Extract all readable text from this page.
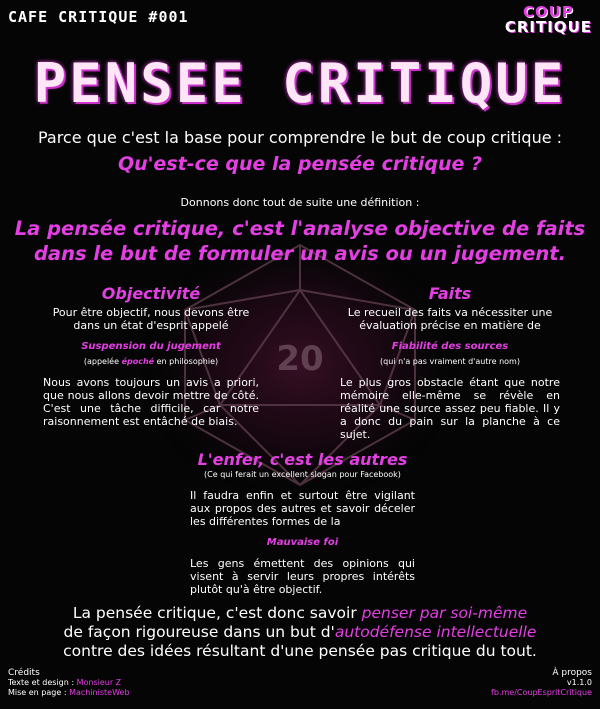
CAFE CRITIQUE #001	COUP
CRITIQUE
PENSEE CRITIQUE
20
Parce que c'est la base pour comprendre le but de coup critique :
Qu'est-ce que la pensée critique ?
Donnons donc tout de suite une définition :
La pensée critique, c'est l'analyse objective de faits
dans le but de formuler un avis ou un jugement.
Objectivité
Pour être objectif, nous devons être dans un état d'esprit appelé
Suspension du jugement
(appelée époché en philosophie)
Nous avons toujours un avis a priori, que nous allons devoir mettre de côté. C'est une tâche difficile, car notre raisonnement est entâché de biais.
Faits
Le recueil des faits va nécessiter une évaluation précise en matière de
Fiabilité des sources
(qui n'a pas vraiment d'autre nom)
Le plus gros obstacle étant que notre mémoire elle-même se révèle en réalité une source assez peu fiable. Il y a donc du pain sur la planche à ce sujet.
L'enfer, c'est les autres
(Ce qui ferait un excellent slogan pour Facebook)
Il faudra enfin et surtout être vigilant aux propos des autres et savoir déceler les différentes formes de la
Mauvaise foi
Les gens émettent des opinions qui visent à servir leurs propres intérêts plutôt qu'à être objectif.
La pensée critique, c'est donc savoir penser par soi-même
de façon rigoureuse dans un but d'autodéfense intellectuelle
contre des idées résultant d'une pensée pas critique du tout.
Crédits
Texte et design : Monsieur Z
Mise en page : MachinisteWeb
À propos
v1.1.0
fb.me/CoupEspritCritique
